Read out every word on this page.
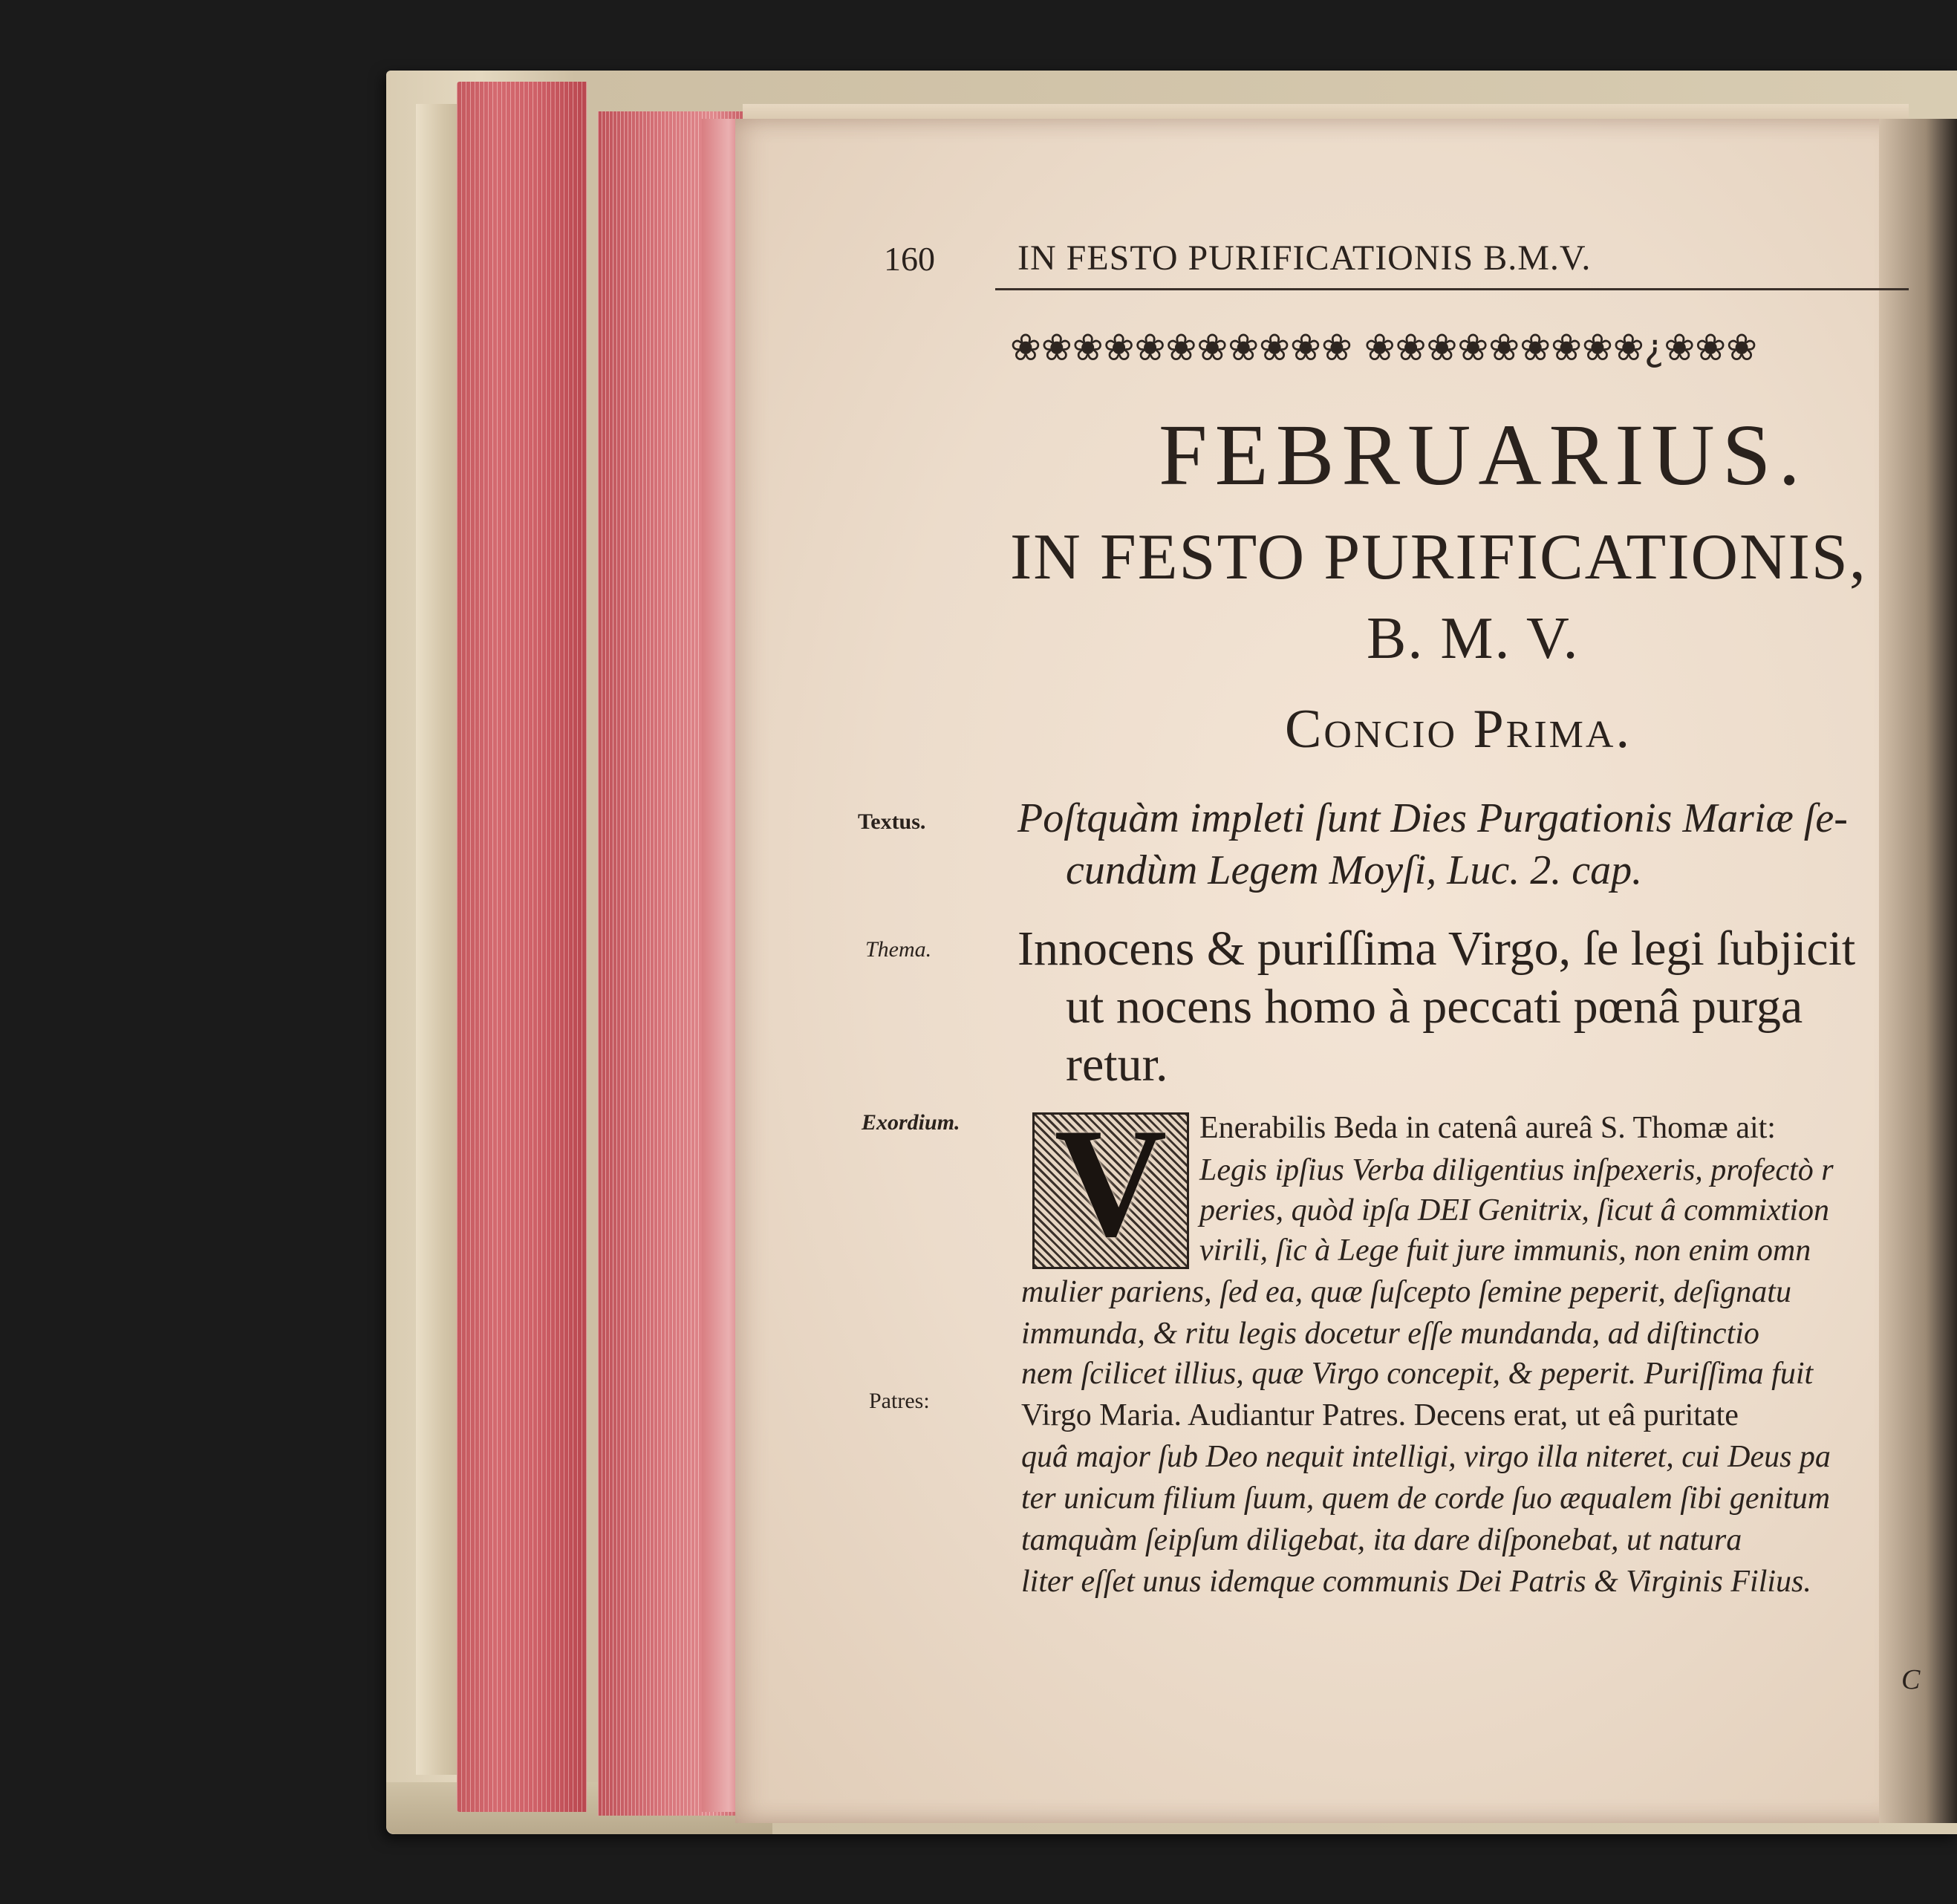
160 IN FESTO PURIFICATIONIS B.M.V.
❀❀❀❀❀❀❀❀❀❀❀ ❀❀❀❀❀❀❀❀❀¿❀❀❀
FEBRUARIUS.
IN FESTO PURIFICATIONIS,
B. M. V.
Concio Prima.
Textus.
Thema.
Exordium.
Patres:
Poſtquàm impleti ſunt Dies Purgationis Mariæ ſe-
cundùm Legem Moyſi, Luc. 2. cap.
Innocens & puriſſima Virgo, ſe legi ſubjicit
ut nocens homo à peccati pœnâ purga
retur.
V	Enerabilis Beda in catenâ aureâ S. Thomæ ait:
Legis ipſius Verba diligentius inſpexeris, profectò r
peries, quòd ipſa DEI Genitrix, ſicut â commixtion
virili, ſic à Lege fuit jure immunis, non enim omn
mulier pariens, ſed ea, quæ ſuſcepto ſemine peperit, deſignatu
immunda, & ritu legis docetur eſſe mundanda, ad diſtinctio
nem ſcilicet illius, quæ Virgo concepit, & peperit. Puriſſima fuit
Virgo Maria. Audiantur Patres. Decens erat, ut eâ puritate
quâ major ſub Deo nequit intelligi, virgo illa niteret, cui Deus pa
ter unicum filium ſuum, quem de corde ſuo æqualem ſibi genitum
tamquàm ſeipſum diligebat, ita dare diſponebat, ut natura
liter eſſet unus idemque communis Dei Patris & Virginis Filius.
C
